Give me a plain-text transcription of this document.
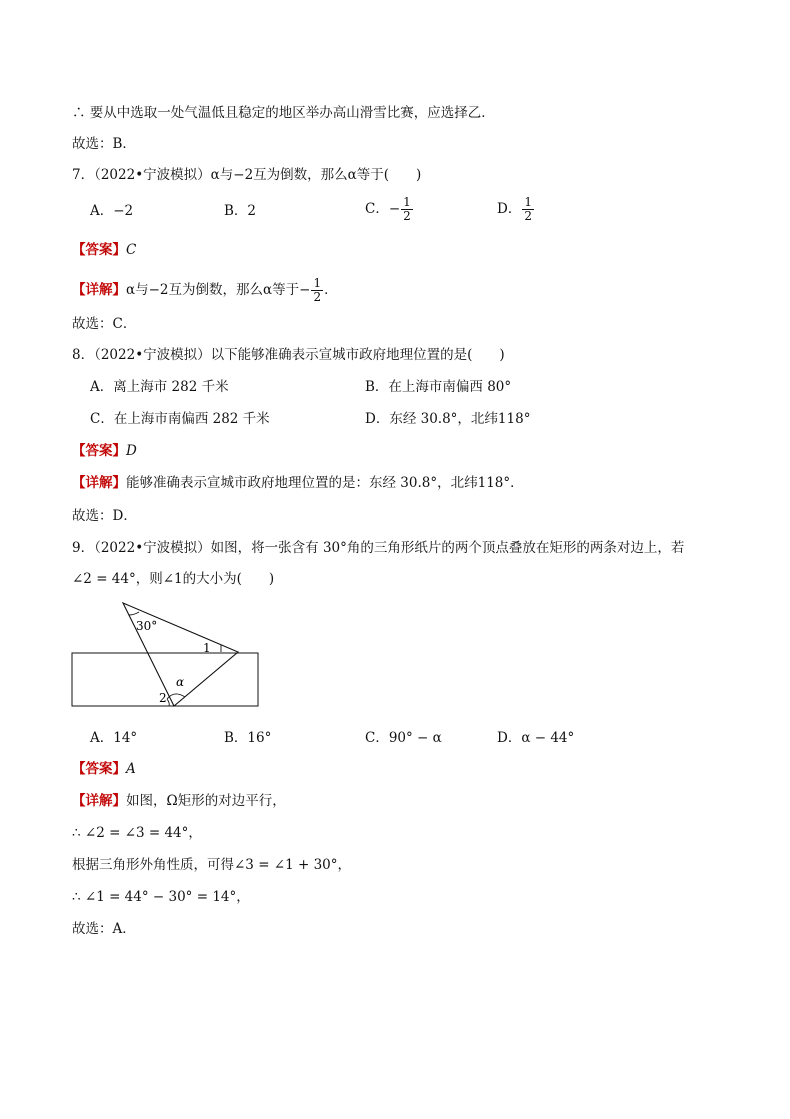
∴ 要从中选取一处气温低且稳定的地区举办高山滑雪比赛，应选择乙．
故选：B．
7．（2022•宁波模拟）α与−2互为倒数，那么α等于(　　)
A．−2	B．2	C．− $\frac{1}{2}$	D． $\frac{1}{2}$
【答案】C
【详解】α与−2互为倒数，那么α等于− $\frac{1}{2}$ ．
故选：C．
8．（2022•宁波模拟）以下能够准确表示宣城市政府地理位置的是(　　)
A．离上海市 282 千米	B．在上海市南偏西 80°
C．在上海市南偏西 282 千米	D．东经 30.8°，北纬118°
【答案】D
【详解】能够准确表示宣城市政府地理位置的是：东经 30.8°，北纬118°．
故选：D．
9．（2022•宁波模拟）如图，将一张含有 30°角的三角形纸片的两个顶点叠放在矩形的两条对边上，若
∠2 = 44°，则∠1的大小为(　　)
30°
1
2
α
A．14°	B．16°	C．90° − α	D．α − 44°
【答案】A
【详解】如图，Ω矩形的对边平行，
∴ ∠2 = ∠3 = 44°，
根据三角形外角性质，可得∠3 = ∠1 + 30°，
∴ ∠1 = 44° − 30° = 14°，
故选：A．
